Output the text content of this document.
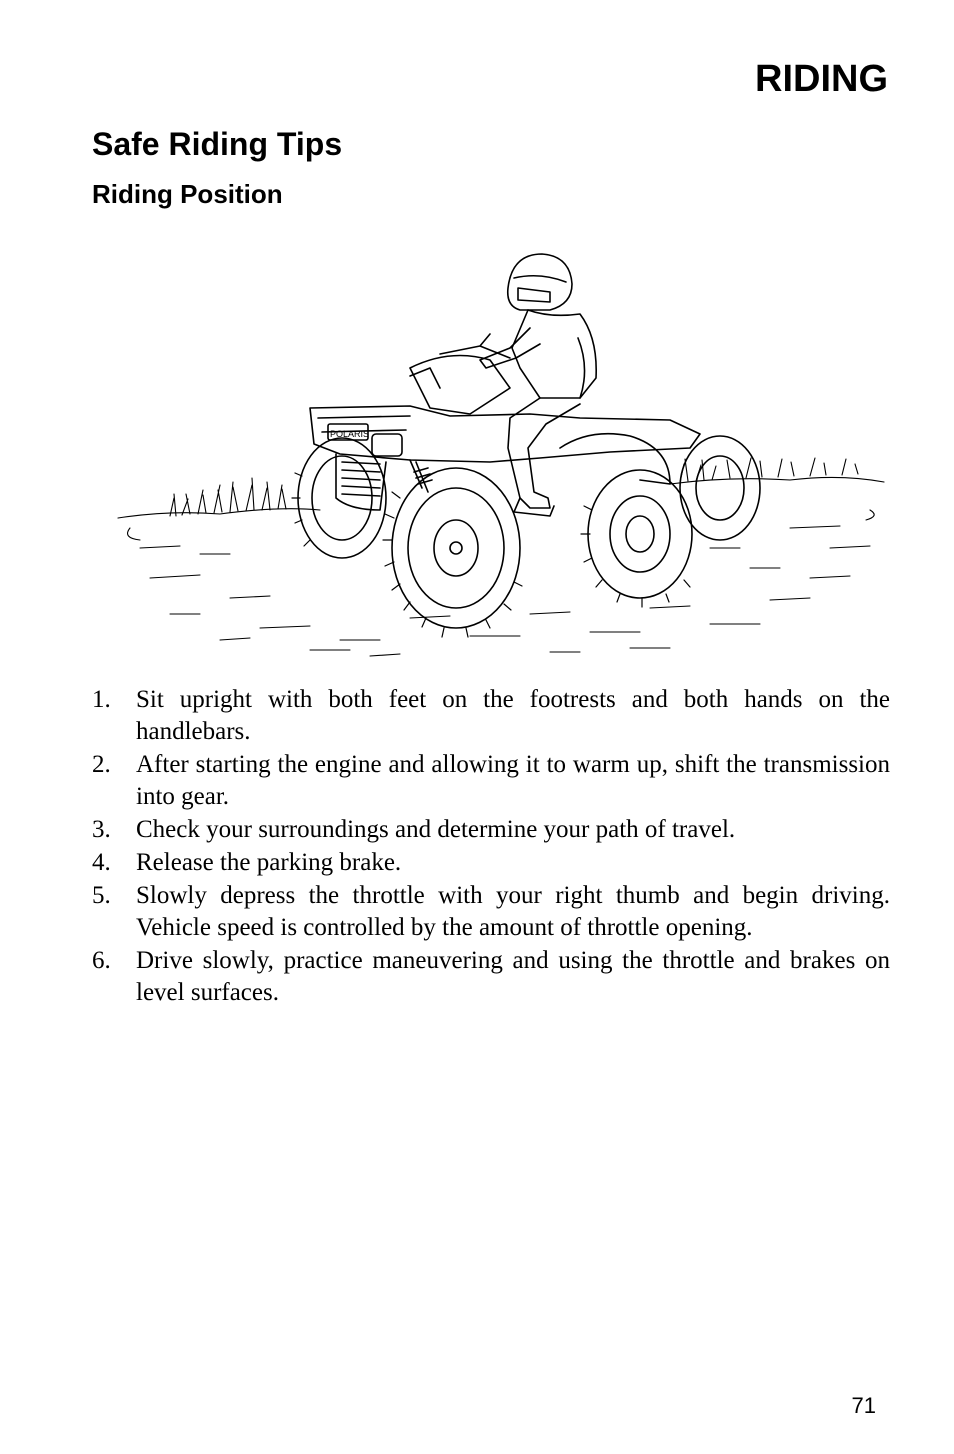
RIDING
Safe Riding Tips
Riding Position
POLARIS
1.	Sit upright with both feet on the footrests and both hands on the handlebars.
2.	After starting the engine and allowing it to warm up, shift the transmission into gear.
3.	Check your surroundings and determine your path of travel.
4.	Release the parking brake.
5.	Slowly depress the throttle with your right thumb and begin driving. Vehicle speed is controlled by the amount of throttle opening.
6.	Drive slowly, practice maneuvering and using the throttle and brakes on level surfaces.
71
